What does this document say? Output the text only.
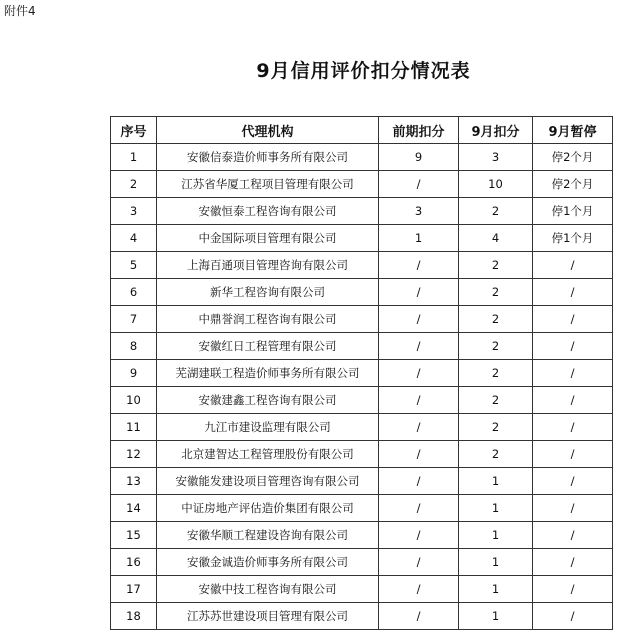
附件4
9月信用评价扣分情况表
序号	代理机构	前期扣分	9月扣分	9月暂停
1	安徽信泰造价师事务所有限公司	9	3	停2个月
2	江苏省华厦工程项目管理有限公司	/	10	停2个月
3	安徽恒泰工程咨询有限公司	3	2	停1个月
4	中金国际项目管理有限公司	1	4	停1个月
5	上海百通项目管理咨询有限公司	/	2	/
6	新华工程咨询有限公司	/	2	/
7	中鼎誉润工程咨询有限公司	/	2	/
8	安徽红日工程管理有限公司	/	2	/
9	芜湖建联工程造价师事务所有限公司	/	2	/
10	安徽建鑫工程咨询有限公司	/	2	/
11	九江市建设监理有限公司	/	2	/
12	北京建智达工程管理股份有限公司	/	2	/
13	安徽能发建设项目管理咨询有限公司	/	1	/
14	中证房地产评估造价集团有限公司	/	1	/
15	安徽华顺工程建设咨询有限公司	/	1	/
16	安徽金诚造价师事务所有限公司	/	1	/
17	安徽中技工程咨询有限公司	/	1	/
18	江苏苏世建设项目管理有限公司	/	1	/
